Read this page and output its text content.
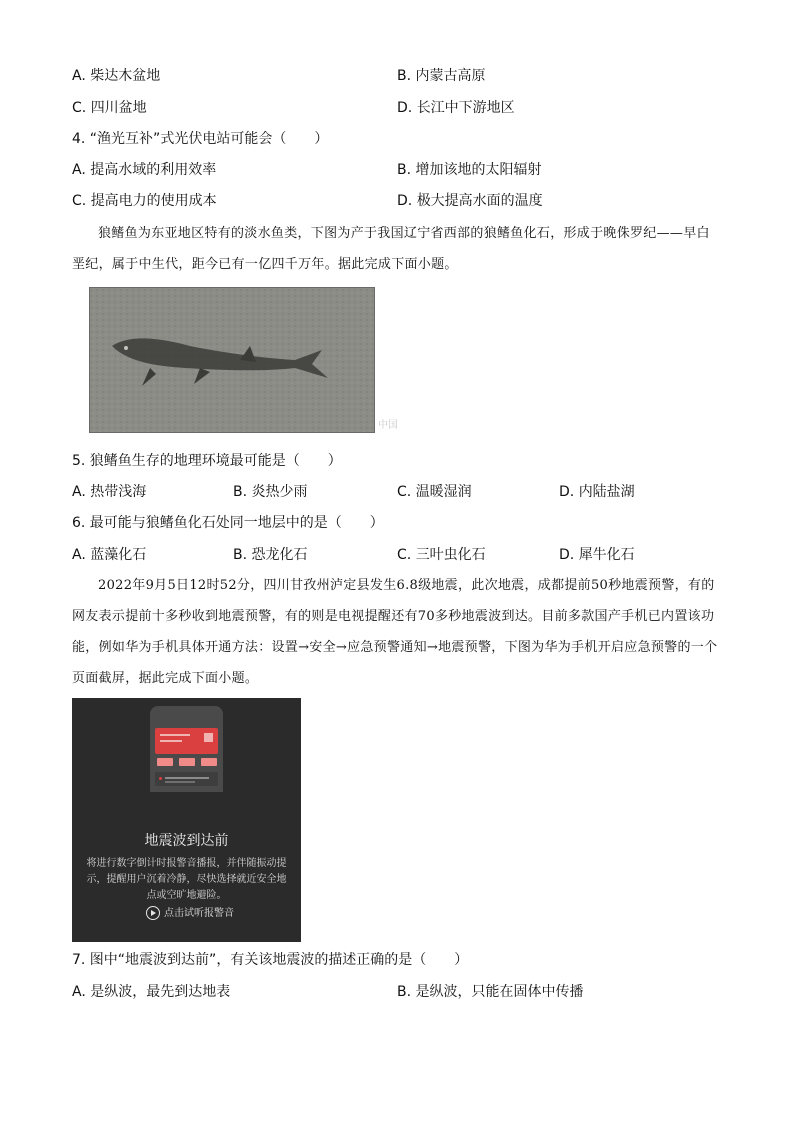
A. 柴达木盆地	B. 内蒙古高原
C. 四川盆地	D. 长江中下游地区
4. “渔光互补”式光伏电站可能会（　　）
A. 提高水域的利用效率	B. 增加该地的太阳辐射
C. 提高电力的使用成本	D. 极大提高水面的温度
狼鳍鱼为东亚地区特有的淡水鱼类，下图为产于我国辽宁省西部的狼鳍鱼化石，形成于晚侏罗纪——早白垩纪，属于中生代，距今已有一亿四千万年。据此完成下面小题。
中国
5. 狼鳍鱼生存的地理环境最可能是（　　）
A. 热带浅海	B. 炎热少雨	C. 温暖湿润	D. 内陆盐湖
6. 最可能与狼鳍鱼化石处同一地层中的是（　　）
A. 蓝藻化石	B. 恐龙化石	C. 三叶虫化石	D. 犀牛化石
2022年9月5日12时52分，四川甘孜州泸定县发生6.8级地震，此次地震，成都提前50秒地震预警，有的网友表示提前十多秒收到地震预警，有的则是电视提醒还有70多秒地震波到达。目前多款国产手机已内置该功能，例如华为手机具体开通方法：设置→安全→应急预警通知→地震预警，下图为华为手机开启应急预警的一个页面截屏，据此完成下面小题。
地震波到达前
将进行数字倒计时报警音播报，并伴随振动提示，提醒用户沉着冷静，尽快选择就近安全地点或空旷地避险。
点击试听报警音
7. 图中“地震波到达前”，有关该地震波的描述正确的是（　　）
A. 是纵波，最先到达地表	B. 是纵波，只能在固体中传播
